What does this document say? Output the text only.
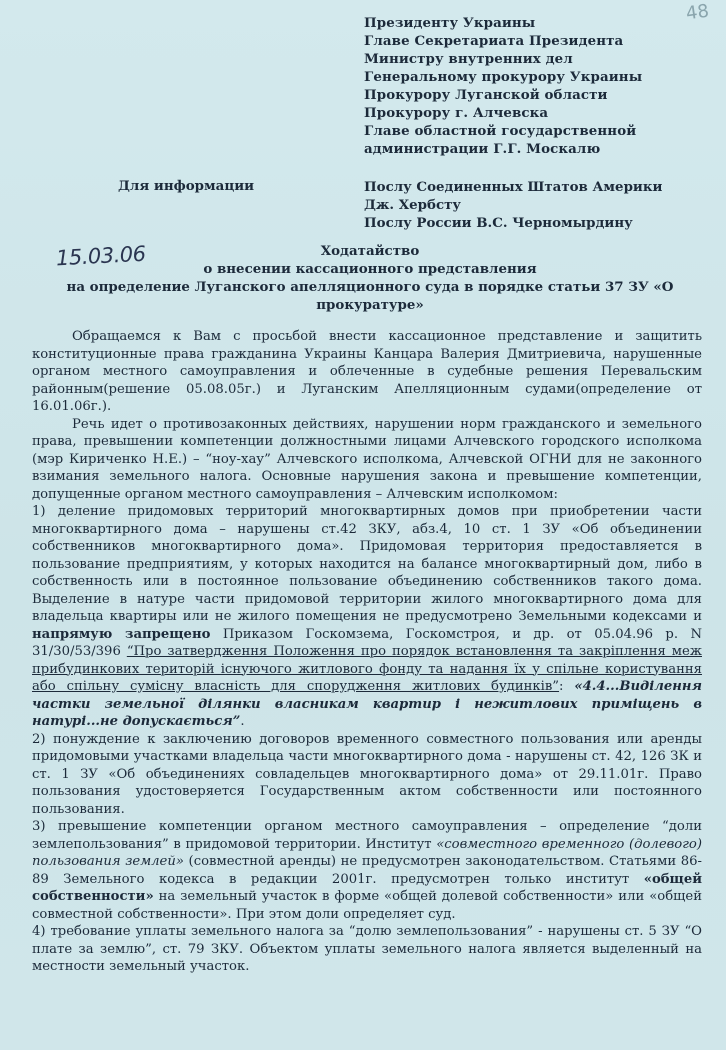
48
Президенту Украины
Главе Секретариата Президента
Министру внутренних дел
Генеральному прокурору Украины
Прокурору Луганской области
Прокурору г. Алчевска
Главе областной государственной
администрации Г.Г. Москалю
Для информации	Послу Соединенных Штатов Америки
Дж. Хербсту
Послу России В.С. Черномырдину
Ходатайство
о внесении кассационного представления
на определение Луганского апелляционного суда в порядке статьи 37 ЗУ «О
прокуратуре»
15.03.06

Обращаемся к Вам с просьбой внести кассационное представление и защитить конституционные права гражданина Украины Канцара Валерия Дмитриевича, нарушенные органом местного самоуправления и облеченные в судебные решения Перевальским районным(решение 05.08.05г.) и Луганским Апелляционным судами(определение от 16.01.06г.).

Речь идет о противозаконных действиях, нарушении норм гражданского и земельного права, превышении компетенции должностными лицами Алчевского городского исполкома (мэр Кириченко Н.Е.) – “ноу-хау” Алчевского исполкома, Алчевской ОГНИ для не законного взимания земельного налога. Основные нарушения закона и превышение компетенции, допущенные органом местного самоуправления – Алчевским исполкомом:

1) деление придомовых территорий многоквартирных домов при приобретении части многоквартирного дома – нарушены ст.42 ЗКУ, абз.4, 10 ст. 1 ЗУ «Об объединении собственников многоквартирного дома». Придомовая территория предоставляется в пользование предприятиям, у которых находится на балансе многоквартирный дом, либо в собственность или в постоянное пользование объединению собственников такого дома. Выделение в натуре части придомовой территории жилого многоквартирного дома для владельца квартиры или не жилого помещения не предусмотрено Земельными кодексами и напрямую запрещено Приказом Госкомзема, Госкомстроя, и др. от 05.04.96 р. N 31/30/53/396 “Про затвердження Положення про порядок встановлення та закріплення меж прибудинкових територій існуючого житлового фонду та надання їх у спільне користування або спільну сумісну власність для спорудження житлових будинків”: «4.4...Виділення частки земельної ділянки власникам квартир і нежитлових приміщень в натурі...не допускається”.

2) понуждение к заключению договоров временного совместного пользования или аренды придомовыми участками владельца части многоквартирного дома - нарушены ст. 42, 126 ЗК и ст. 1 ЗУ «Об объединениях совладельцев многоквартирного дома» от 29.11.01г. Право пользования удостоверяется Государственным актом собственности или постоянного пользования.

3) превышение компетенции органом местного самоуправления – определение “доли землепользования” в придомовой территории. Институт «совместного временного (долевого) пользования землей» (совместной аренды) не предусмотрен законодательством. Статьями 86-89 Земельного кодекса в редакции 2001г. предусмотрен только институт «общей собственности» на земельный участок в форме «общей долевой собственности» или «общей совместной собственности». При этом доли определяет суд.

4) требование уплаты земельного налога за “долю землепользования” - нарушены ст. 5 ЗУ “О плате за землю”, ст. 79 ЗКУ. Объектом уплаты земельного налога является выделенный на местности земельный участок.
